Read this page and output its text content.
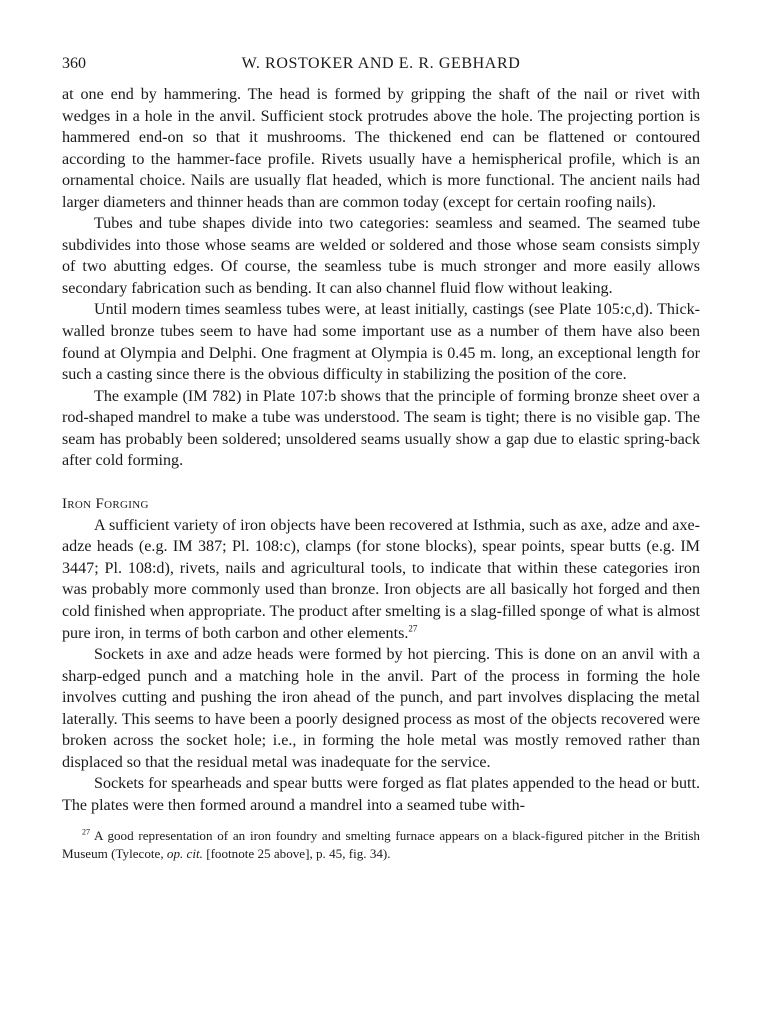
360	W. ROSTOKER AND E. R. GEBHARD

at one end by hammering. The head is formed by gripping the shaft of the nail or rivet with wedges in a hole in the anvil. Sufficient stock protrudes above the hole. The projecting portion is hammered end-on so that it mushrooms. The thickened end can be flattened or contoured according to the hammer-face profile. Rivets usually have a hemispherical profile, which is an ornamental choice. Nails are usually flat headed, which is more functional. The ancient nails had larger diameters and thinner heads than are common today (except for certain roofing nails).

Tubes and tube shapes divide into two categories: seamless and seamed. The seamed tube subdivides into those whose seams are welded or soldered and those whose seam consists simply of two abutting edges. Of course, the seamless tube is much stronger and more easily allows secondary fabrication such as bending. It can also channel fluid flow without leaking.

Until modern times seamless tubes were, at least initially, castings (see Plate 105:c,d). Thick-walled bronze tubes seem to have had some important use as a number of them have also been found at Olympia and Delphi. One fragment at Olympia is 0.45 m. long, an exceptional length for such a casting since there is the obvious difficulty in stabilizing the position of the core.

The example (IM 782) in Plate 107:b shows that the principle of forming bronze sheet over a rod-shaped mandrel to make a tube was understood. The seam is tight; there is no visible gap. The seam has probably been soldered; unsoldered seams usually show a gap due to elastic spring-back after cold forming.

Iron Forging

A sufficient variety of iron objects have been recovered at Isthmia, such as axe, adze and axe-adze heads (e.g. IM 387; Pl. 108:c), clamps (for stone blocks), spear points, spear butts (e.g. IM 3447; Pl. 108:d), rivets, nails and agricultural tools, to indicate that within these categories iron was probably more commonly used than bronze. Iron objects are all basically hot forged and then cold finished when appropriate. The product after smelting is a slag-filled sponge of what is almost pure iron, in terms of both carbon and other elements.$^{27}$

Sockets in axe and adze heads were formed by hot piercing. This is done on an anvil with a sharp-edged punch and a matching hole in the anvil. Part of the process in forming the hole involves cutting and pushing the iron ahead of the punch, and part involves displacing the metal laterally. This seems to have been a poorly designed process as most of the objects recovered were broken across the socket hole; i.e., in forming the hole metal was mostly removed rather than displaced so that the residual metal was inadequate for the service.

Sockets for spearheads and spear butts were forged as flat plates appended to the head or butt. The plates were then formed around a mandrel into a seamed tube with-

$^{27}$ A good representation of an iron foundry and smelting furnace appears on a black-figured pitcher in the British Museum (Tylecote, op. cit. [footnote 25 above], p. 45, fig. 34).
